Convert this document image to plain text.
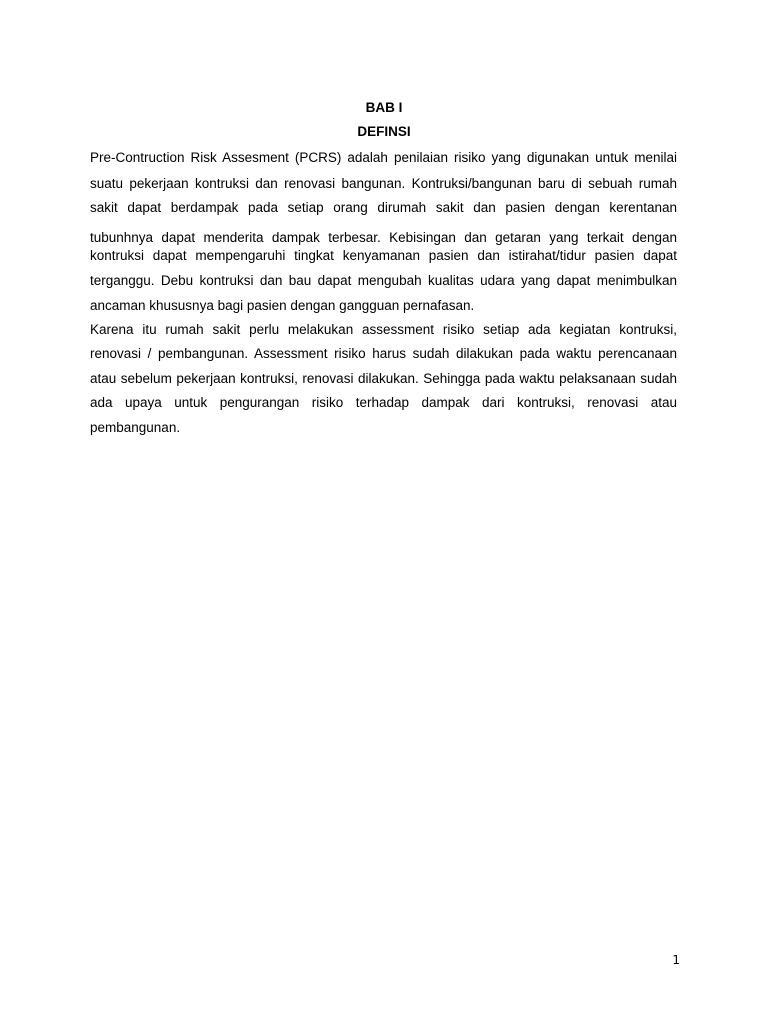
BAB I
DEFINSI
Pre-Contruction Risk Assesment (PCRS) adalah penilaian risiko yang digunakan untuk menilai
suatu pekerjaan kontruksi dan renovasi bangunan. Kontruksi/bangunan baru di sebuah rumah
sakit dapat berdampak pada setiap orang dirumah sakit dan pasien dengan kerentanan
tubunhnya dapat menderita dampak terbesar. Kebisingan dan getaran yang terkait dengan
kontruksi dapat mempengaruhi tingkat kenyamanan pasien dan istirahat/tidur pasien dapat
terganggu. Debu kontruksi dan bau dapat mengubah kualitas udara yang dapat menimbulkan
ancaman khususnya bagi pasien dengan gangguan pernafasan.
Karena itu rumah sakit perlu melakukan assessment risiko setiap ada kegiatan kontruksi,
renovasi / pembangunan. Assessment risiko harus sudah dilakukan pada waktu perencanaan
atau sebelum pekerjaan kontruksi, renovasi dilakukan. Sehingga pada waktu pelaksanaan sudah
ada upaya untuk pengurangan risiko terhadap dampak dari kontruksi, renovasi atau
pembangunan.
1
